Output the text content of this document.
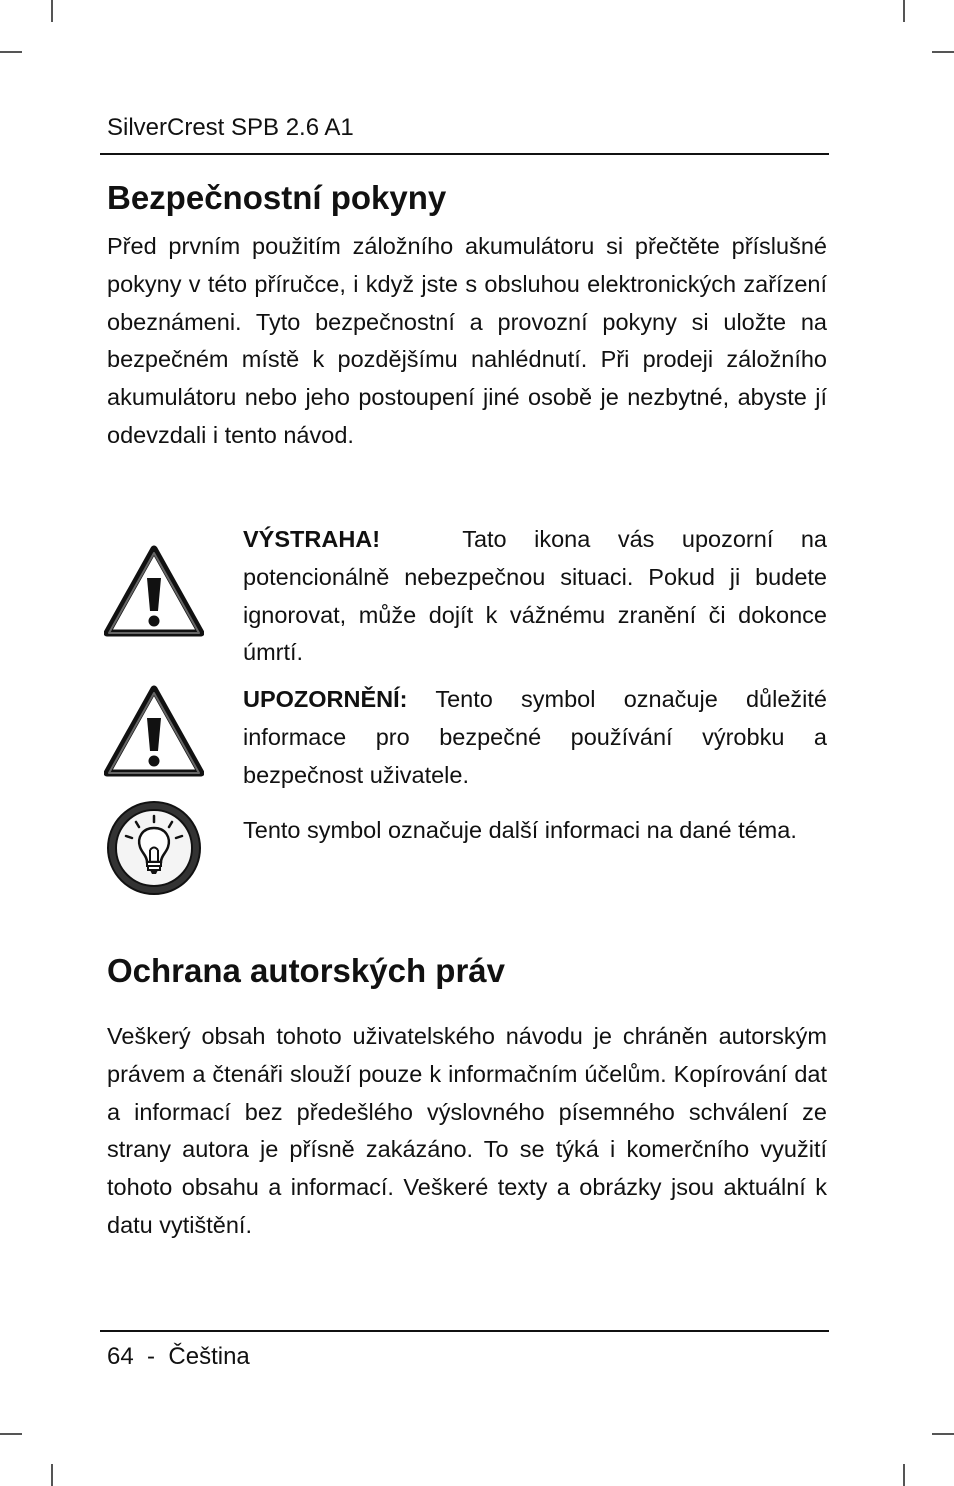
SilverCrest SPB 2.6 A1
Bezpečnostní pokyny

Před prvním použitím záložního akumulátoru si přečtěte příslušné pokyny v této příručce, i když jste s obsluhou elektronických zařízení obeznámeni. Tyto bezpečnostní a provozní pokyny si uložte na bezpečném místě k pozdějšímu nahlédnutí. Při prodeji záložního akumulátoru nebo jeho postoupení jiné osobě je nezbytné, abyste jí odevzdali i tento návod.

VÝSTRAHA!	Tato ikona vás upozorní na potencionálně nebezpečnou situaci. Pokud ji budete ignorovat, může dojít k vážnému zranění či dokonce úmrtí.

UPOZORNĚNÍ: Tento symbol označuje důležité informace pro bezpečné používání výrobku a bezpečnost uživatele.

Tento symbol označuje další informaci na dané téma.

Ochrana autorských práv

Veškerý obsah tohoto uživatelského návodu je chráněn autorským právem a čtenáři slouží pouze k informačním účelům. Kopírování dat a informací bez předešlého výslovného písemného schválení ze strany autora je přísně zakázáno. To se týká i komerčního využití tohoto obsahu a informací. Veškeré texty a obrázky jsou aktuální k datu vytištění.

64 - Čeština
